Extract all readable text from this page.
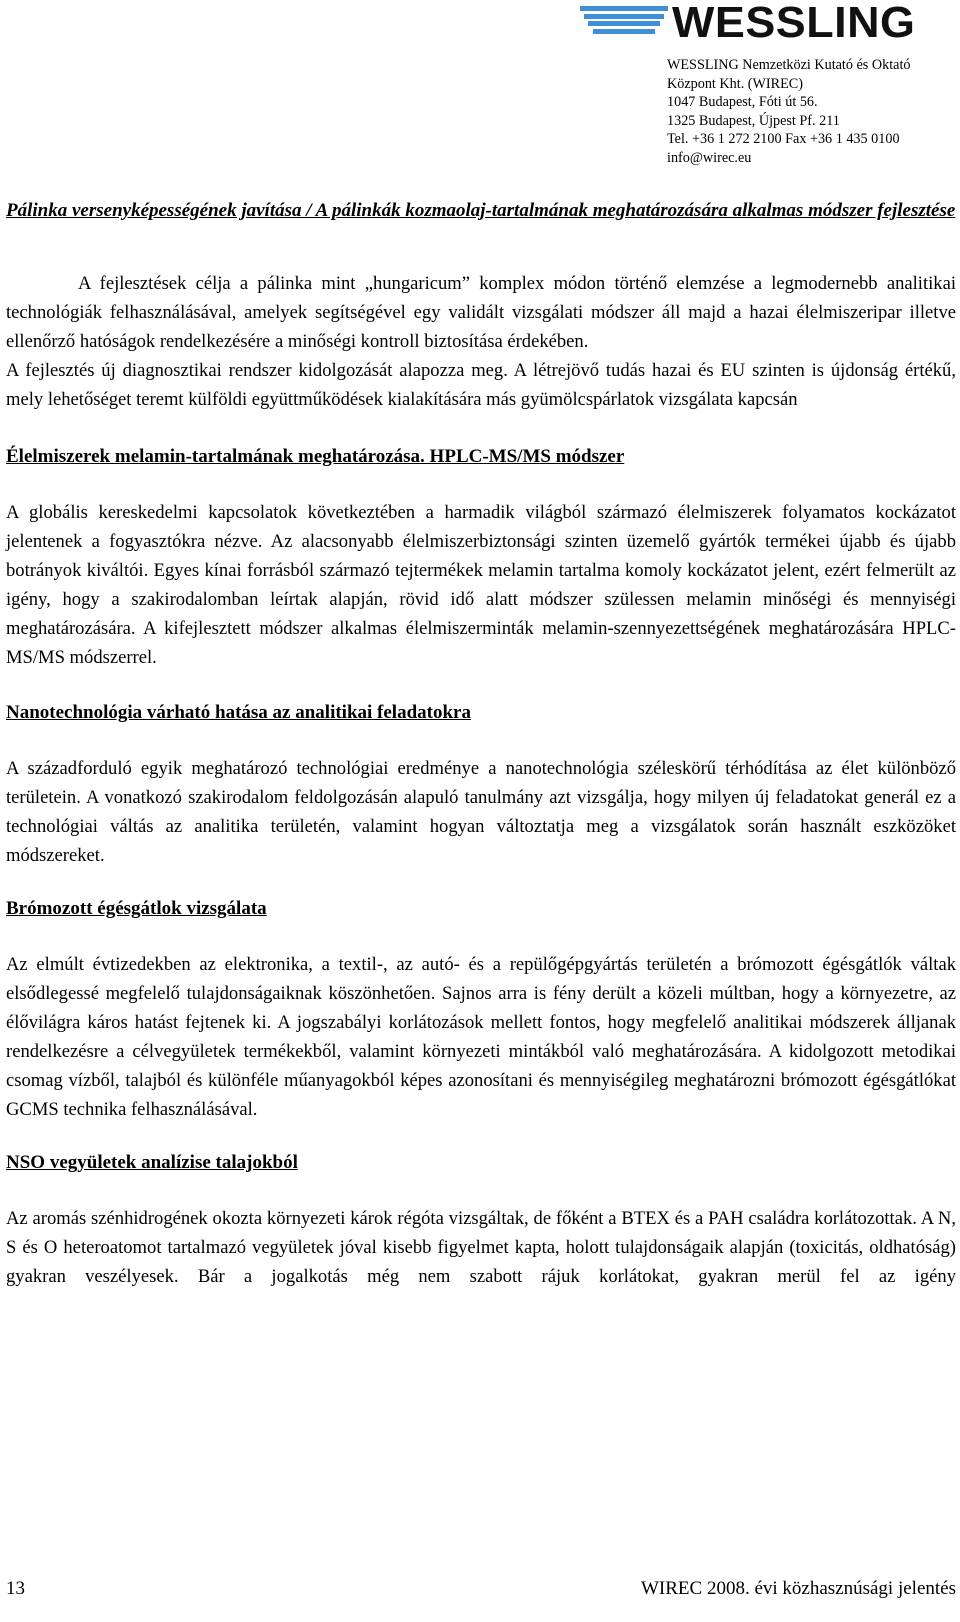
WESSLING
WESSLING Nemzetközi Kutató és Oktató
Központ Kht. (WIREC)
1047 Budapest, Fóti út 56.
1325 Budapest, Újpest Pf. 211
Tel. +36 1 272 2100 Fax +36 1 435 0100
info@wirec.eu

Pálinka versenyképességének javítása / A pálinkák kozmaolaj-tartalmának meghatározására alkalmas módszer fejlesztése

A fejlesztések célja a pálinka mint „hungaricum” komplex módon történő elemzése a legmodernebb analitikai technológiák felhasználásával, amelyek segítségével egy validált vizsgálati módszer áll majd a hazai élelmiszeripar illetve ellenőrző hatóságok rendelkezésére a minőségi kontroll biztosítása érdekében.

A fejlesztés új diagnosztikai rendszer kidolgozását alapozza meg. A létrejövő tudás hazai és EU szinten is újdonság értékű, mely lehetőséget teremt külföldi együttműködések kialakítására más gyümölcspárlatok vizsgálata kapcsán

Élelmiszerek melamin-tartalmának meghatározása. HPLC-MS/MS módszer

A globális kereskedelmi kapcsolatok következtében a harmadik világból származó élelmiszerek folyamatos kockázatot jelentenek a fogyasztókra nézve. Az alacsonyabb élelmiszerbiztonsági szinten üzemelő gyártók termékei újabb és újabb botrányok kiváltói. Egyes kínai forrásból származó tejtermékek melamin tartalma komoly kockázatot jelent, ezért felmerült az igény, hogy a szakirodalomban leírtak alapján, rövid idő alatt módszer szülessen melamin minőségi és mennyiségi meghatározására. A kifejlesztett módszer alkalmas élelmiszerminták melamin-szennyezettségének meghatározására HPLC-MS/MS módszerrel.

Nanotechnológia várható hatása az analitikai feladatokra

A századforduló egyik meghatározó technológiai eredménye a nanotechnológia széleskörű térhódítása az élet különböző területein. A vonatkozó szakirodalom feldolgozásán alapuló tanulmány azt vizsgálja, hogy milyen új feladatokat generál ez a technológiai váltás az analitika területén, valamint hogyan változtatja meg a vizsgálatok során használt eszközöket módszereket.

Brómozott égésgátlok vizsgálata

Az elmúlt évtizedekben az elektronika, a textil-, az autó- és a repülőgépgyártás területén a brómozott égésgátlók váltak elsődlegessé megfelelő tulajdonságaiknak köszönhetően. Sajnos arra is fény derült a közeli múltban, hogy a környezetre, az élővilágra káros hatást fejtenek ki. A jogszabályi korlátozások mellett fontos, hogy megfelelő analitikai módszerek álljanak rendelkezésre a célvegyületek termékekből, valamint környezeti mintákból való meghatározására. A kidolgozott metodikai csomag vízből, talajból és különféle műanyagokból képes azonosítani és mennyiségileg meghatározni brómozott égésgátlókat GCMS technika felhasználásával.

NSO vegyületek analízise talajokból

Az aromás szénhidrogének okozta környezeti károk régóta vizsgáltak, de főként a BTEX és a PAH családra korlátozottak. A N, S és O heteroatomot tartalmazó vegyületek jóval kisebb figyelmet kapta, holott tulajdonságaik alapján (toxicitás, oldhatóság) gyakran veszélyesek. Bár a jogalkotás még nem szabott rájuk korlátokat, gyakran merül fel az igény

13	WIREC 2008. évi közhasznúsági jelentés
